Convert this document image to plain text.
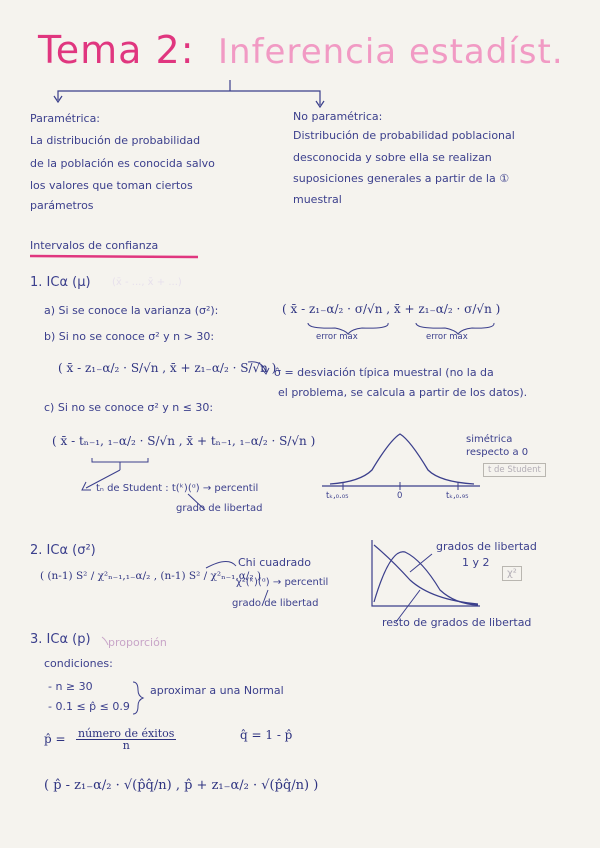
Tema 2: Inferencia estadíst.
Paramétrica:
La distribución de probabilidad
de la población es conocida salvo
los valores que toman ciertos
parámetros
No paramétrica:
Distribución de probabilidad poblacional
desconocida y sobre ella se realizan
suposiciones generales a partir de la ①
muestral
Intervalos de confianza
1. ICα (μ) (x̄ - ..., x̄ + ...)
a) Si se conoce la varianza (σ²):	( x̄ - z₁₋α/₂ · σ/√n , x̄ + z₁₋α/₂ · σ/√n )
error max	error max
b) Si no se conoce σ² y n > 30:
( x̄ - z₁₋α/₂ · S/√n , x̄ + z₁₋α/₂ · S/√n )
σ̂ = desviación típica muestral (no la da
el problema, se calcula a partir de los datos).
c) Si no se conoce σ² y n ≤ 30:
( x̄ - tₙ₋₁, ₁₋α/₂ · S/√n , x̄ + tₙ₋₁, ₁₋α/₂ · S/√n )
tₙ de Student : t(ᵏ)(ᵅ) → percentil
grado de libertad
simétrica
respecto a 0
t de Student
tₖ,₀.₀₅	0	tₖ,₀.₉₅
2. ICα (σ²)
( (n-1) S² / χ²ₙ₋₁,₁₋α/₂ , (n-1) S² / χ²ₙ₋₁,α/₂ )
Chi cuadrado
χ²(ᵏ)(ᵅ) → percentil
grado de libertad
grados de libertad
1 y 2
χ²
resto de grados de libertad
3. ICα (p) proporción
condiciones:
- n ≥ 30
- 0.1 ≤ p̂ ≤ 0.9
aproximar a una Normal
p̂ = $\frac{\text{número de éxitos}}{n}$	q̂ = 1 - p̂
( p̂ - z₁₋α/₂ · √(p̂q̂/n) , p̂ + z₁₋α/₂ · √(p̂q̂/n) )
